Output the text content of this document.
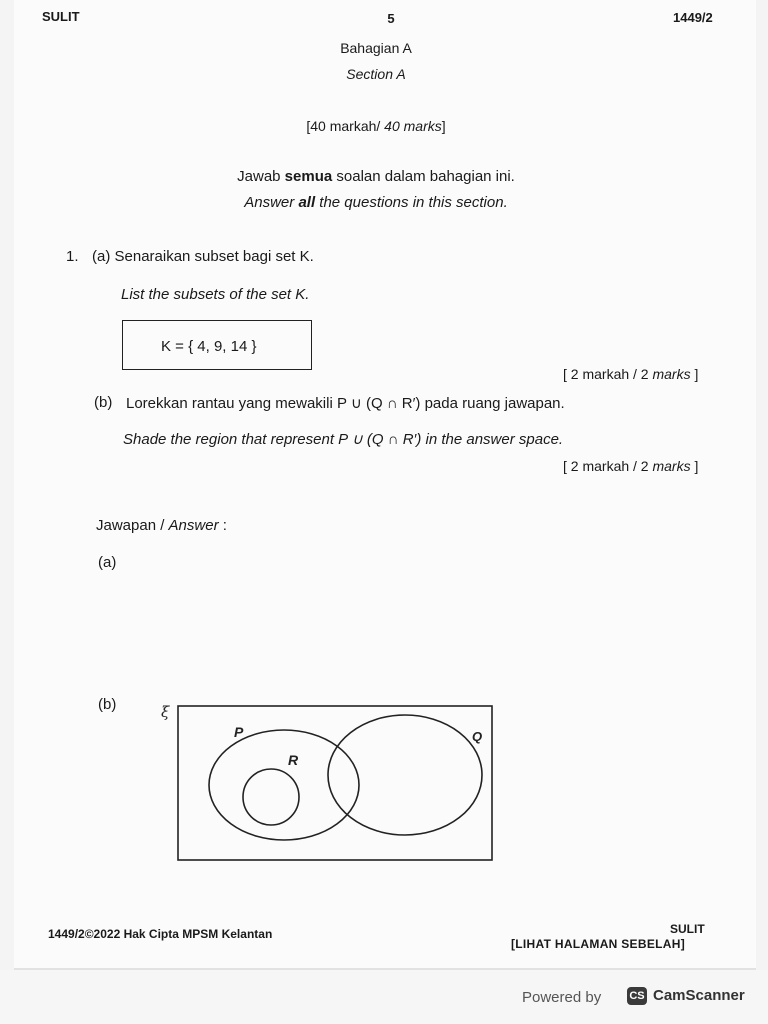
SULIT	5	1449/2
Bahagian A
Section A
[40 markah/ 40 marks]
Jawab semua soalan dalam bahagian ini.
Answer all the questions in this section.
1. (a) Senaraikan subset bagi set K.
List the subsets of the set K.
K = { 4, 9, 14 }
[ 2 markah / 2 marks ]
(b) Lorekkan rantau yang mewakili P ∪ (Q ∩ R′) pada ruang jawapan.
Shade the region that represent P ∪ (Q ∩ R′) in the answer space.
[ 2 markah / 2 marks ]
Jawapan / Answer :
(a)
(b)	ξ
P	Q
R
1449/2©2022 Hak Cipta MPSM Kelantan	SULIT
[LIHAT HALAMAN SEBELAH]
Powered by	CS CamScanner
